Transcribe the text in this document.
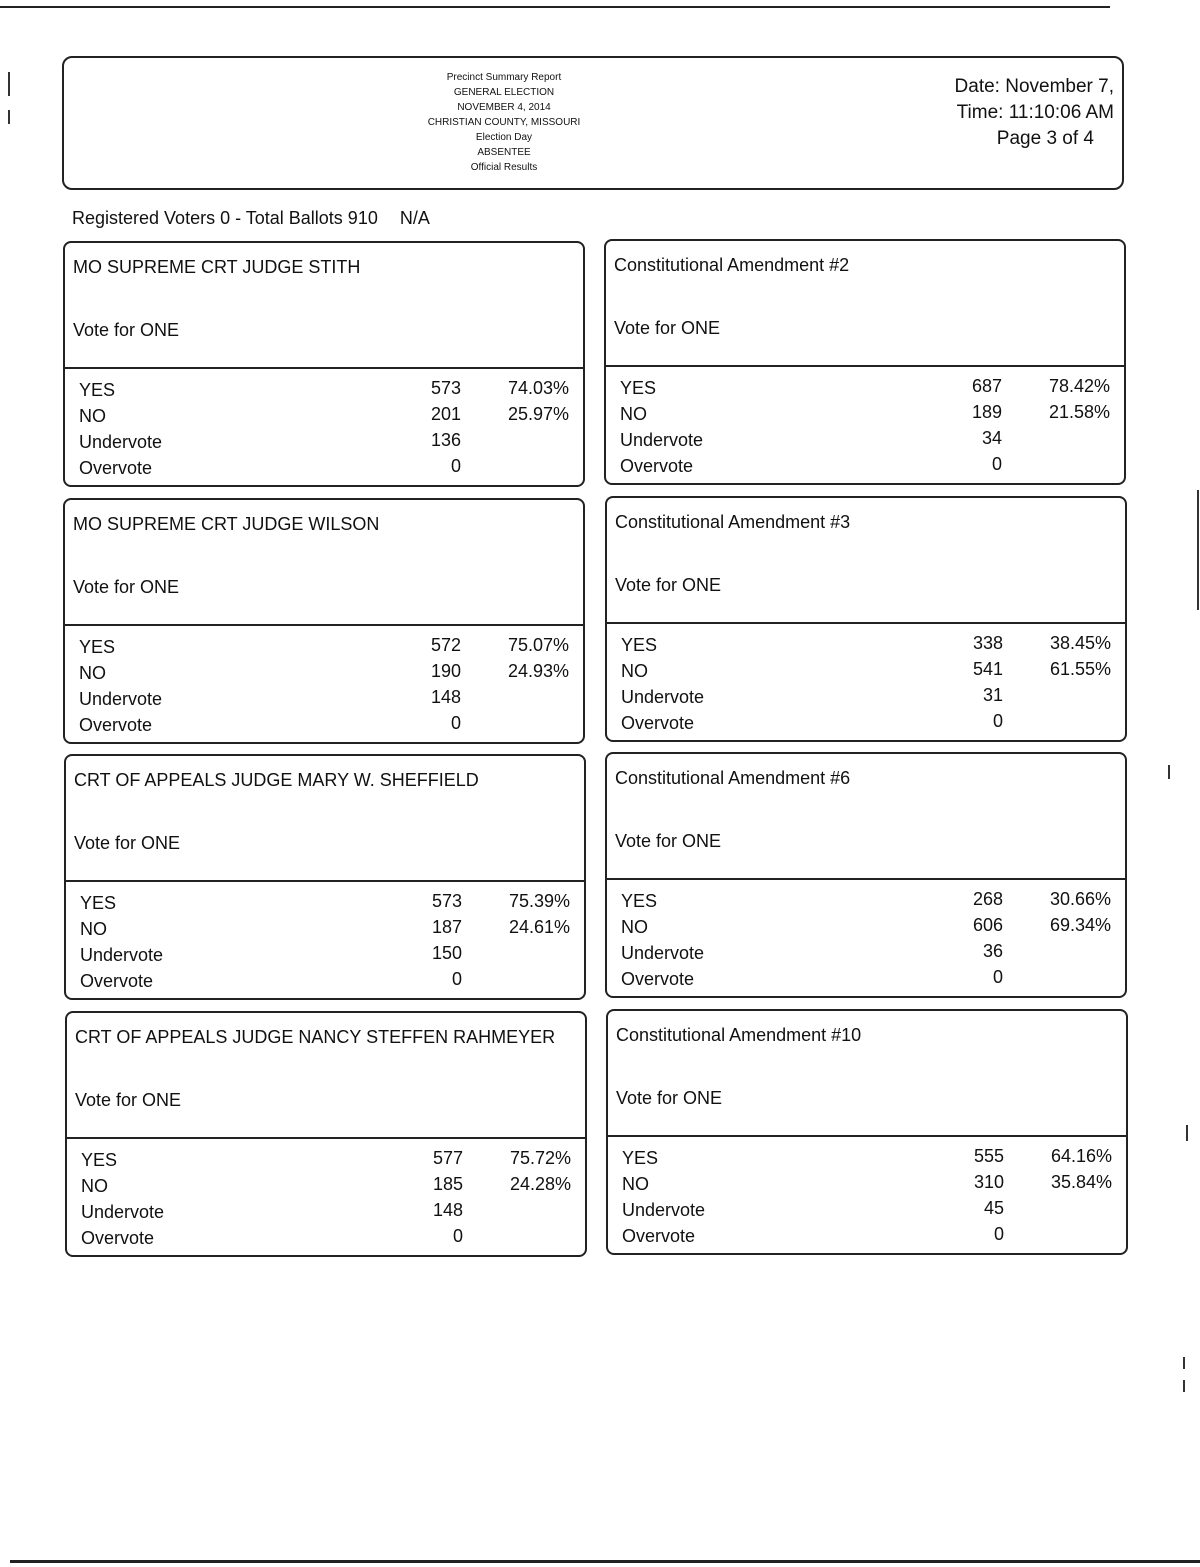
Precinct Summary Report
GENERAL ELECTION
NOVEMBER 4, 2014
CHRISTIAN COUNTY, MISSOURI
Election Day
ABSENTEE
Official Results
Date: November 7,
Time: 11:10:06 AM
Page 3 of 4
Registered Voters 0 - Total Ballots 910 N/A
MO SUPREME CRT JUDGE STITH
Vote for ONE
YES	573	74.03%
NO	201	25.97%
Undervote	136
Overvote	0
Constitutional Amendment #2
Vote for ONE
YES	687	78.42%
NO	189	21.58%
Undervote	34
Overvote	0
MO SUPREME CRT JUDGE WILSON
Vote for ONE
YES	572	75.07%
NO	190	24.93%
Undervote	148
Overvote	0
Constitutional Amendment #3
Vote for ONE
YES	338	38.45%
NO	541	61.55%
Undervote	31
Overvote	0
CRT OF APPEALS JUDGE MARY W. SHEFFIELD
Vote for ONE
YES	573	75.39%
NO	187	24.61%
Undervote	150
Overvote	0
Constitutional Amendment #6
Vote for ONE
YES	268	30.66%
NO	606	69.34%
Undervote	36
Overvote	0
CRT OF APPEALS JUDGE NANCY STEFFEN RAHMEYER
Vote for ONE
YES	577	75.72%
NO	185	24.28%
Undervote	148
Overvote	0
Constitutional Amendment #10
Vote for ONE
YES	555	64.16%
NO	310	35.84%
Undervote	45
Overvote	0
